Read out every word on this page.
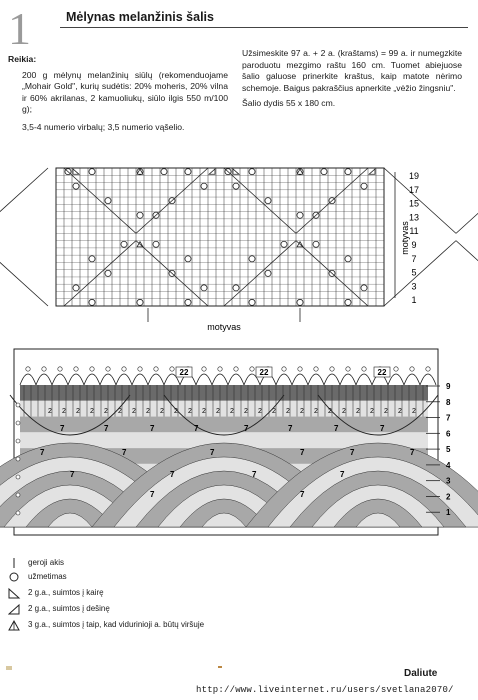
1	Mėlynas melanžinis šalis

Reikia:

200 g mėlynų melanžinių siūlų (rekomenduojame „Mohair Gold", kurių sudėtis: 20% moheris, 20% vilna ir 60% akrilanas, 2 kamuoliukų, siūlo ilgis 550 m/100 g);

3,5-4 numerio virbalų; 3,5 numerio vąšelio.

Užsimeskite 97 a. + 2 a. (kraštams) = 99 a. ir numegzkite paroduotu mezgimo raštu 160 cm. Tuomet abiejuose šalio galuose prinerkite kraštus, kaip matote nėrimo schemoje. Baigus pakraščius apnerkite „vėžio žingsniu".

Šalio dydis 55 x 180 cm.

19
17
15
13
11
9
7
5
3
1
motyvas
motyvas
22	22	22
7	7	7	7	7	7	7	7
7	7	7	7	7	7
7	7	7	7
7	7
2 2 2 2 2 2 2 2 2 2 2 2 2 2 2 2 2 2 2 2 2 2 2 2 2 2 2
9
8
7
6
5
4
3
2
1
geroji akis
užmetimas
2 g.a., suimtos į kairę
2 g.a., suimtos į dešinę
3 g.a., suimtos į taip, kad vidurinioji a. būtų viršuje
Daliute
http://www.liveinternet.ru/users/svetlana2070/
